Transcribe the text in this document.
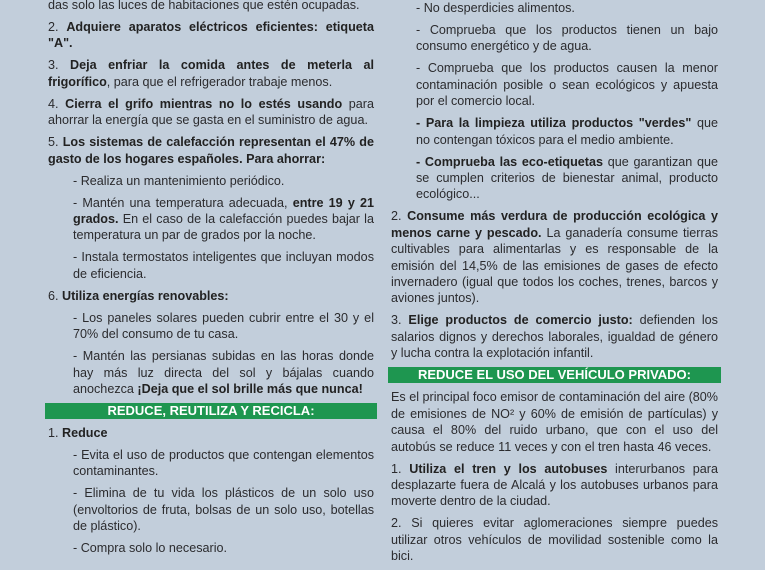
das solo las luces de habitaciones que estén ocupadas.

2. Adquiere aparatos eléctricos eficientes: etiqueta "A".

3. Deja enfriar la comida antes de meterla al frigorífico, para que el refrigerador trabaje menos.

4. Cierra el grifo mientras no lo estés usando para ahorrar la energía que se gasta en el suministro de agua.

5. Los sistemas de calefacción representan el 47% de gasto de los hogares españoles. Para ahorrar:

- Realiza un mantenimiento periódico.

- Mantén una temperatura adecuada, entre 19 y 21 grados. En el caso de la calefacción puedes bajar la temperatura un par de grados por la noche.

- Instala termostatos inteligentes que incluyan modos de eficiencia.

6. Utiliza energías renovables:

- Los paneles solares pueden cubrir entre el 30 y el 70% del consumo de tu casa.

- Mantén las persianas subidas en las horas donde hay más luz directa del sol y bájalas cuando anochezca ¡Deja que el sol brille más que nunca!

REDUCE, REUTILIZA Y RECICLA:

1. Reduce

- Evita el uso de productos que contengan elementos contaminantes.

- Elimina de tu vida los plásticos de un solo uso (envoltorios de fruta, bolsas de un solo uso, botellas de plástico).

- Compra solo lo necesario.

- No desperdicies alimentos.

- Comprueba que los productos tienen un bajo consumo energético y de agua.

- Comprueba que los productos causen la menor contaminación posible o sean ecológicos y apuesta por el comercio local.

- Para la limpieza utiliza productos "verdes" que no contengan tóxicos para el medio ambiente.

- Comprueba las eco-etiquetas que garantizan que se cumplen criterios de bienestar animal, producto ecológico...

2. Consume más verdura de producción ecológica y menos carne y pescado. La ganadería consume tierras cultivables para alimentarlas y es responsable de la emisión del 14,5% de las emisiones de gases de efecto invernadero (igual que todos los coches, trenes, barcos y aviones juntos).

3. Elige productos de comercio justo: defienden los salarios dignos y derechos laborales, igualdad de género y lucha contra la explotación infantil.

REDUCE EL USO DEL VEHÍCULO PRIVADO:

Es el principal foco emisor de contaminación del aire (80% de emisiones de NO² y 60% de emisión de partículas) y causa el 80% del ruido urbano, que con el uso del autobús se reduce 11 veces y con el tren hasta 46 veces.

1. Utiliza el tren y los autobuses interurbanos para desplazarte fuera de Alcalá y los autobuses urbanos para moverte dentro de la ciudad.

2. Si quieres evitar aglomeraciones siempre puedes utilizar otros vehículos de movilidad sostenible como la bici.
